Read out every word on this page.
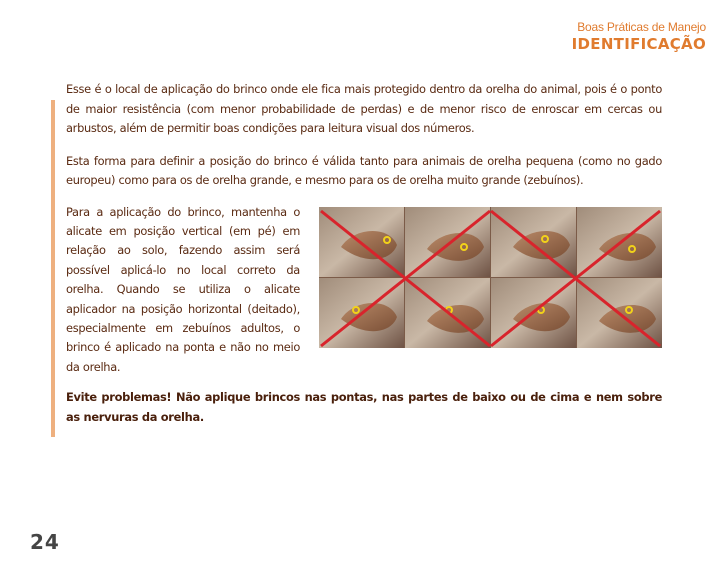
Boas Práticas de Manejo
IDENTIFICAÇÃO

Esse é o local de aplicação do brinco onde ele fica mais protegido dentro da orelha do animal, pois é o ponto de maior resistência (com menor probabilidade de perdas) e de menor risco de enroscar em cercas ou arbustos, além de permitir boas condições para leitura visual dos números.

Esta forma para definir a posição do brinco é válida tanto para animais de orelha pequena (como no gado europeu) como para os de orelha grande, e mesmo para os de orelha muito grande (zebuínos).

Para a aplicação do brinco, mantenha o alicate em posição vertical (em pé) em relação ao solo, fazendo assim será possível aplicá-lo no local correto da orelha. Quando se utiliza o alicate aplicador na posição horizontal (deitado), especialmente em zebuínos adultos, o brinco é aplicado na ponta e não no meio da orelha.

Evite problemas! Não aplique brincos nas pontas, nas partes de baixo ou de cima e nem sobre as nervuras da orelha.

24
